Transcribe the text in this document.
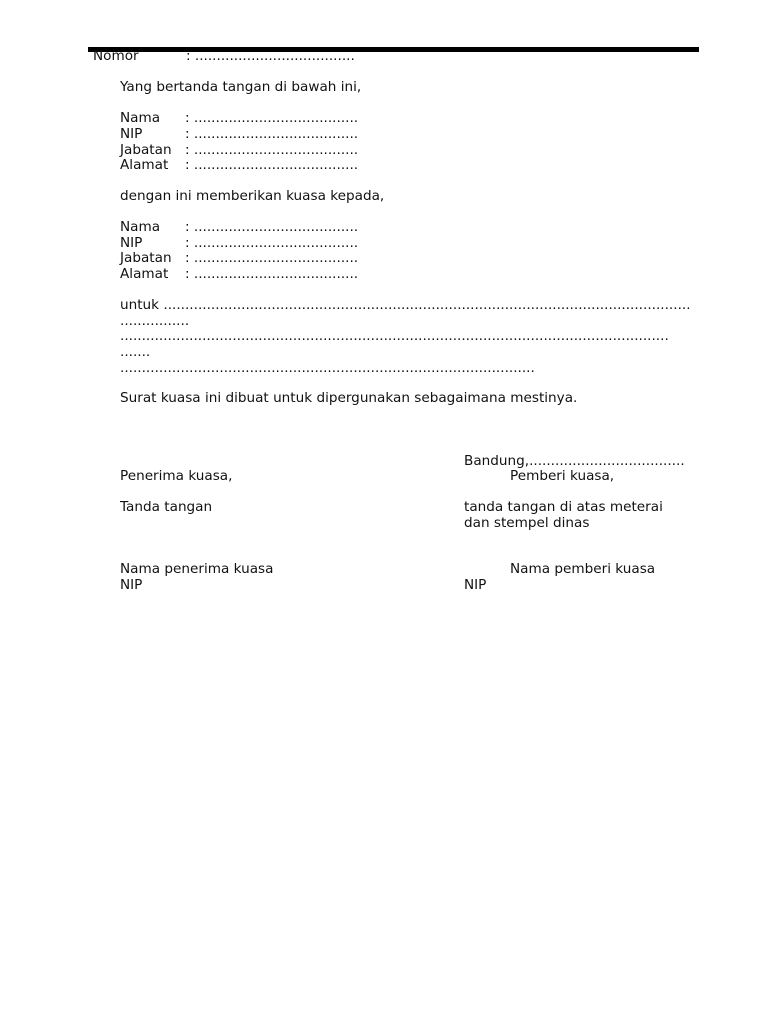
Nomor	: .....................................
Yang bertanda tangan di bawah ini,
Nama : ......................................
NIP	: ......................................
Jabatan : ......................................
Alamat : ......................................
dengan ini memberikan kuasa kepada,
Nama : ......................................
NIP	: ......................................
Jabatan : ......................................
Alamat : ......................................
untuk ..........................................................................................................................
................
...............................................................................................................................
.......
................................................................................................
Surat kuasa ini dibuat untuk dipergunakan sebagaimana mestinya.
Bandung,....................................
Penerima kuasa,	Pemberi kuasa,
Tanda tangan	tanda tangan di atas meterai
dan stempel dinas
Nama penerima kuasa	Nama pemberi kuasa
NIP	NIP
